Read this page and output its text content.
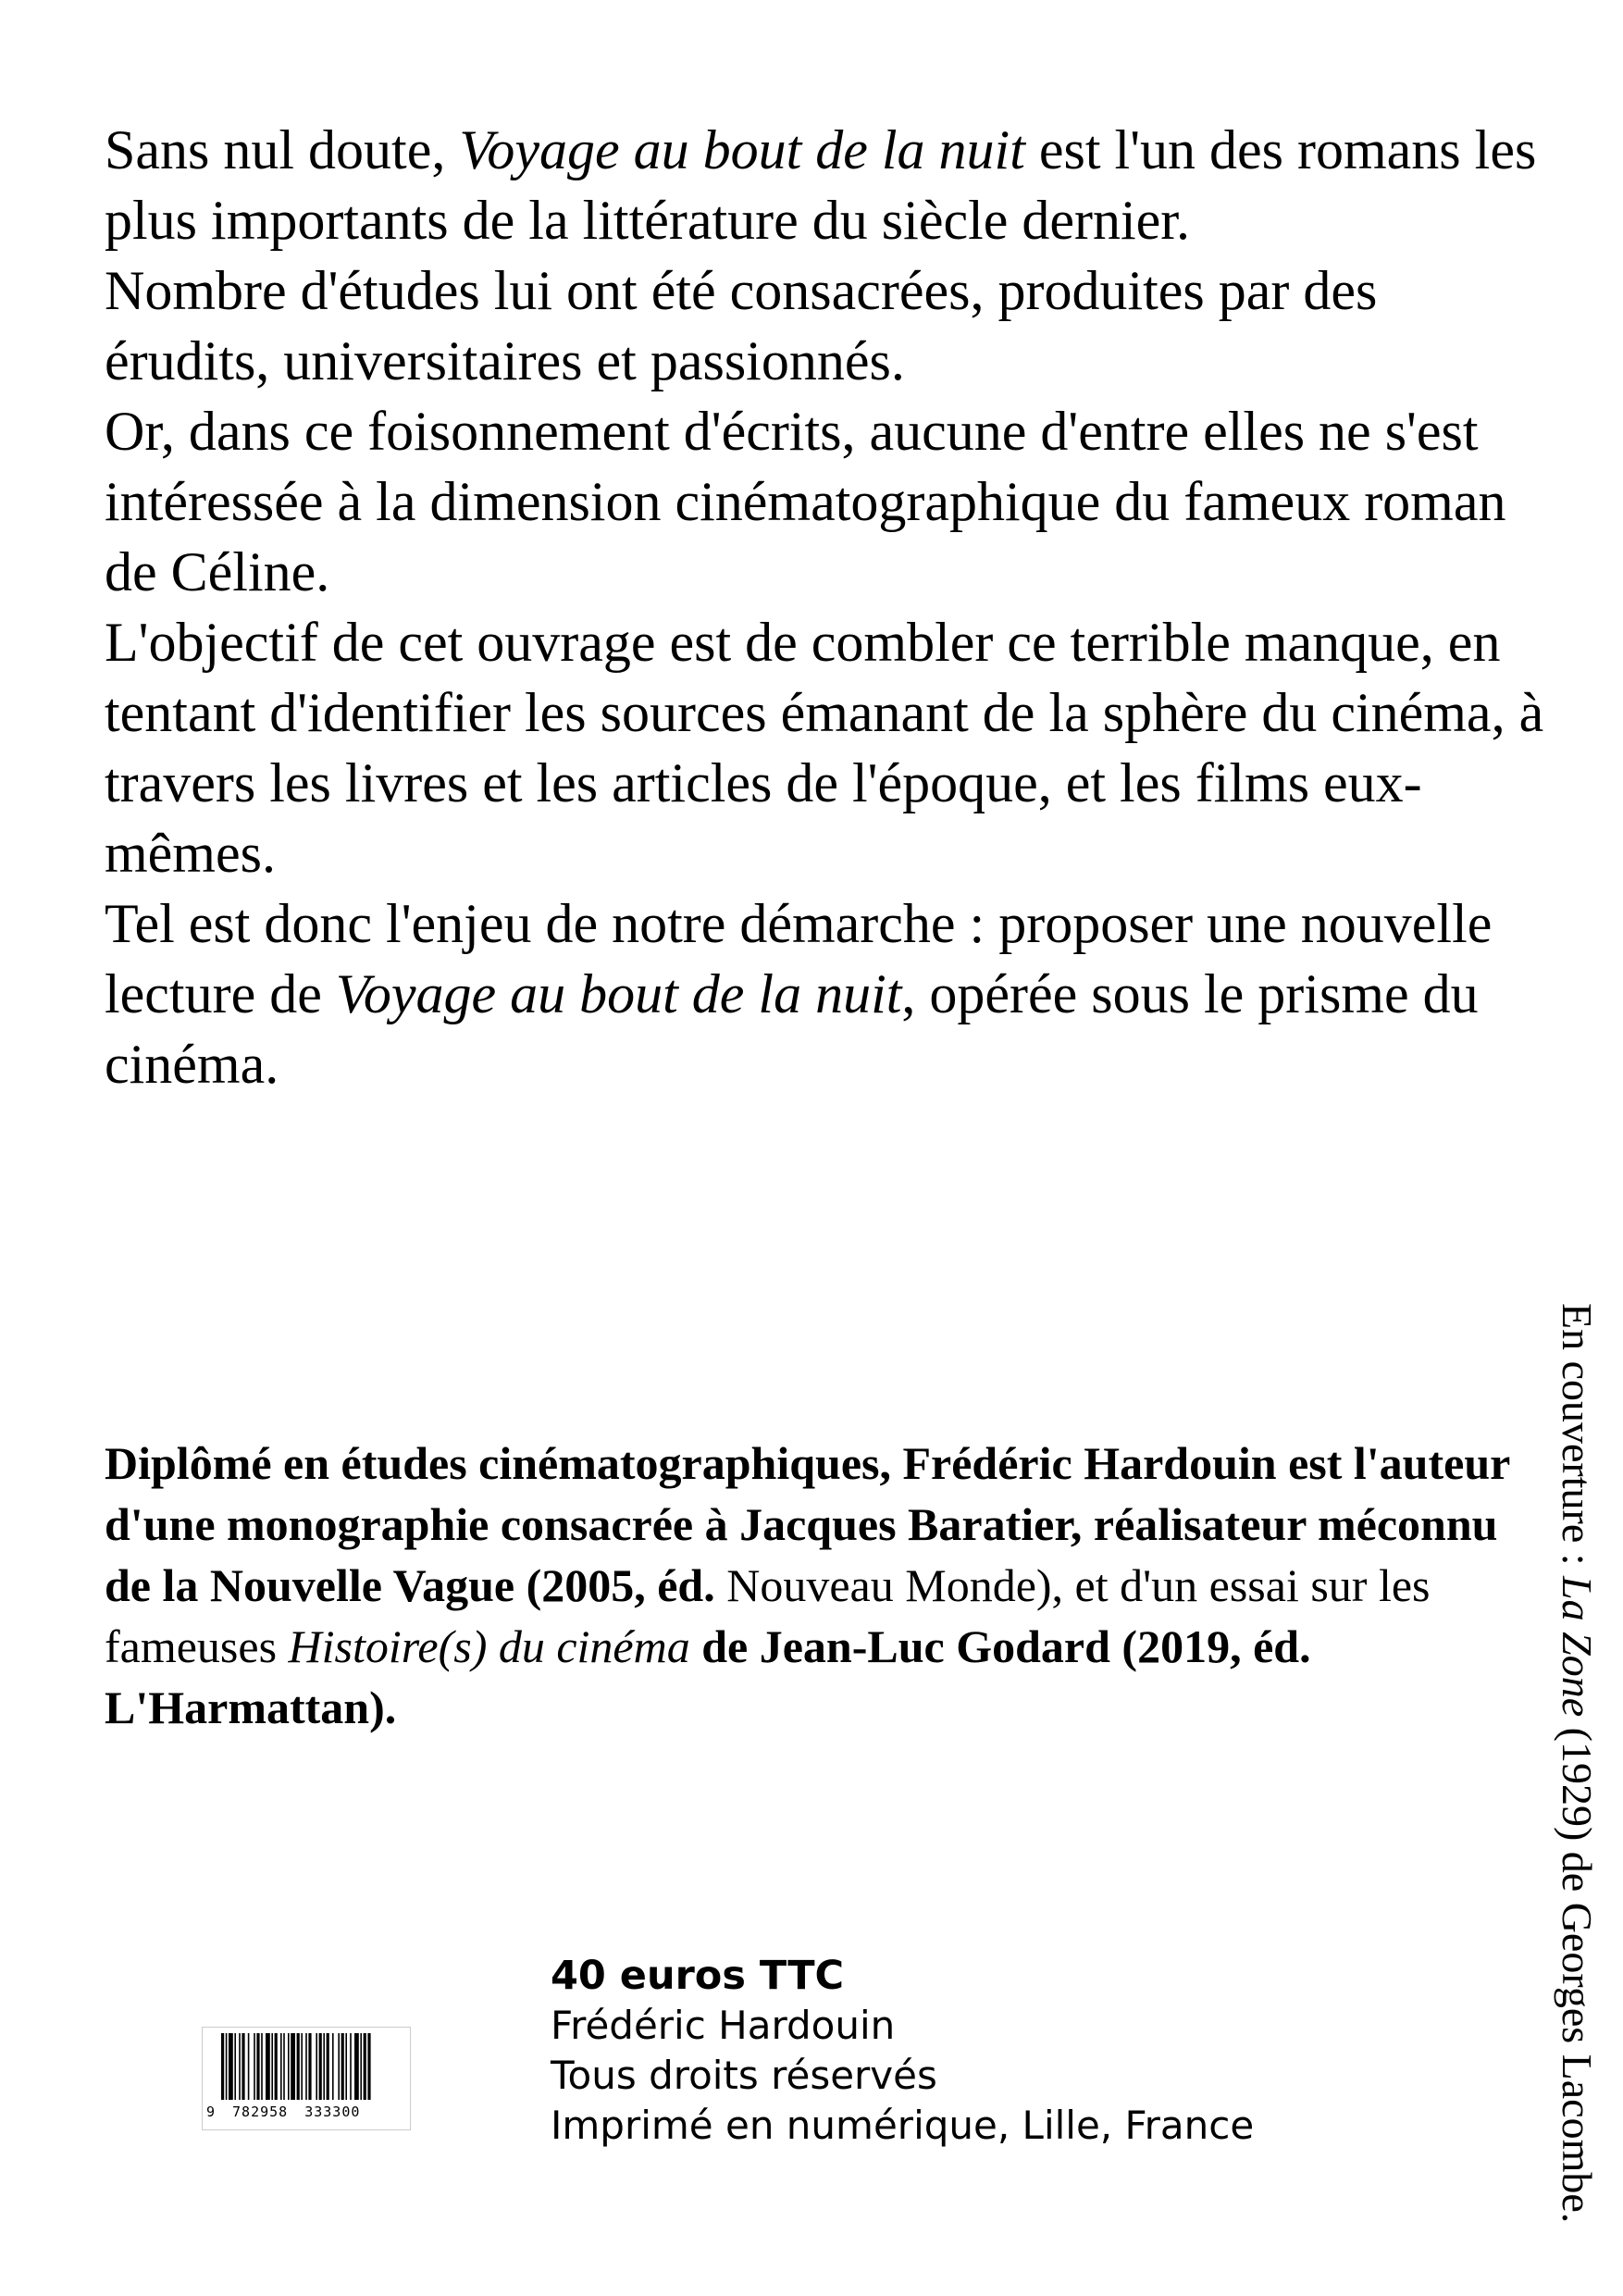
Sans nul doute, Voyage au bout de la nuit est l'un des romans les plus importants de la littérature du siècle dernier.

Nombre d'études lui ont été consacrées, produites par des érudits, universitaires et passionnés.

Or, dans ce foisonnement d'écrits, aucune d'entre elles ne s'est intéressée à la dimension cinématographique du fameux roman de Céline.

L'objectif de cet ouvrage est de combler ce terrible manque, en tentant d'identifier les sources émanant de la sphère du cinéma, à travers les livres et les articles de l'époque, et les films eux-mêmes.

Tel est donc l'enjeu de notre démarche : proposer une nouvelle lecture de Voyage au bout de la nuit, opérée sous le prisme du cinéma.

Diplômé en études cinématographiques, Frédéric Hardouin est l'auteur d'une monographie consacrée à Jacques Baratier, réalisateur méconnu de la Nouvelle Vague (2005, éd. Nouveau Monde), et d'un essai sur les fameuses Histoire(s) du cinéma de Jean-Luc Godard (2019, éd. L'Harmattan).
En couverture : La Zone (1929) de Georges Lacombe.
9 782958 333300
40 euros TTC
Frédéric Hardouin
Tous droits réservés
Imprimé en numérique, Lille, France
